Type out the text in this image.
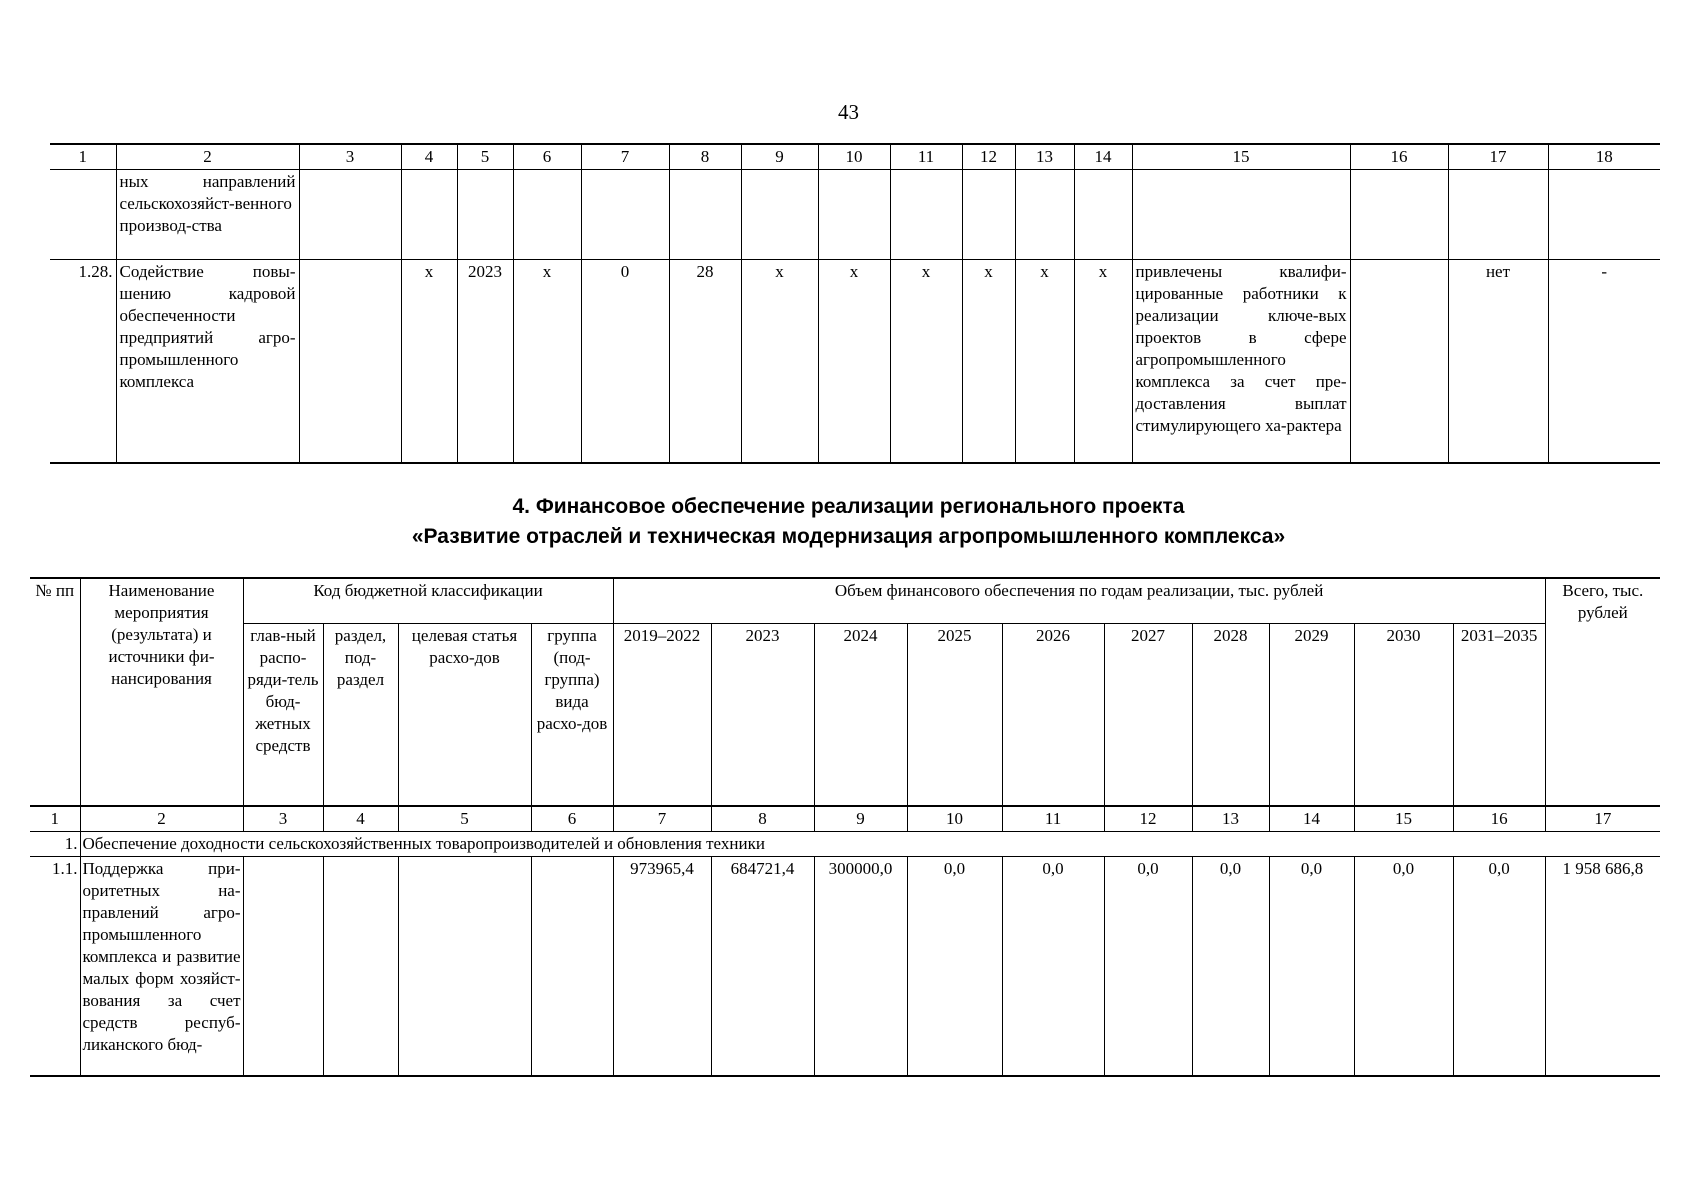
43
1	2	3	4	5	6	7	8	9	10	11	12	13	14	15	16	17	18
	ных направлений сельскохозяйст-венного производ-ства																
1.28.	Содействие повы-шению кадровой обеспеченности предприятий агро-промышленного комплекса		х	2023	х	0	28	х	х	х	х	х	х	привлечены квалифи-цированные работники к реализации ключе-вых проектов в сфере агропромышленного комплекса за счет пре-доставления выплат стимулирующего ха-рактера		нет	-
4. Финансовое обеспечение реализации регионального проекта
«Развитие отраслей и техническая модернизация агропромышленного комплекса»
№ пп	Наименование мероприятия (результата) и источники фи-нансирования	Код бюджетной классификации				Объем финансового обеспечения по годам реализации, тыс. рублей										Всего, тыс. рублей
		глав-ный распо-ряди-тель бюд-жетных средств	раздел, под-раздел	целевая статья расхо-дов	группа (под-группа) вида расхо-дов	2019–2022	2023	2024	2025	2026	2027	2028	2029	2030	2031–2035	
1	2	3	4	5	6	7	8	9	10	11	12	13	14	15	16	17
1.	Обеспечение доходности сельскохозяйственных товаропроизводителей и обновления техники															
1.1.	Поддержка при-оритетных на-правлений агро-промышленного комплекса и развитие малых форм хозяйст-вования за счет средств респуб-ликанского бюд-					973965,4	684721,4	300000,0	0,0	0,0	0,0	0,0	0,0	0,0	0,0	1 958 686,8
